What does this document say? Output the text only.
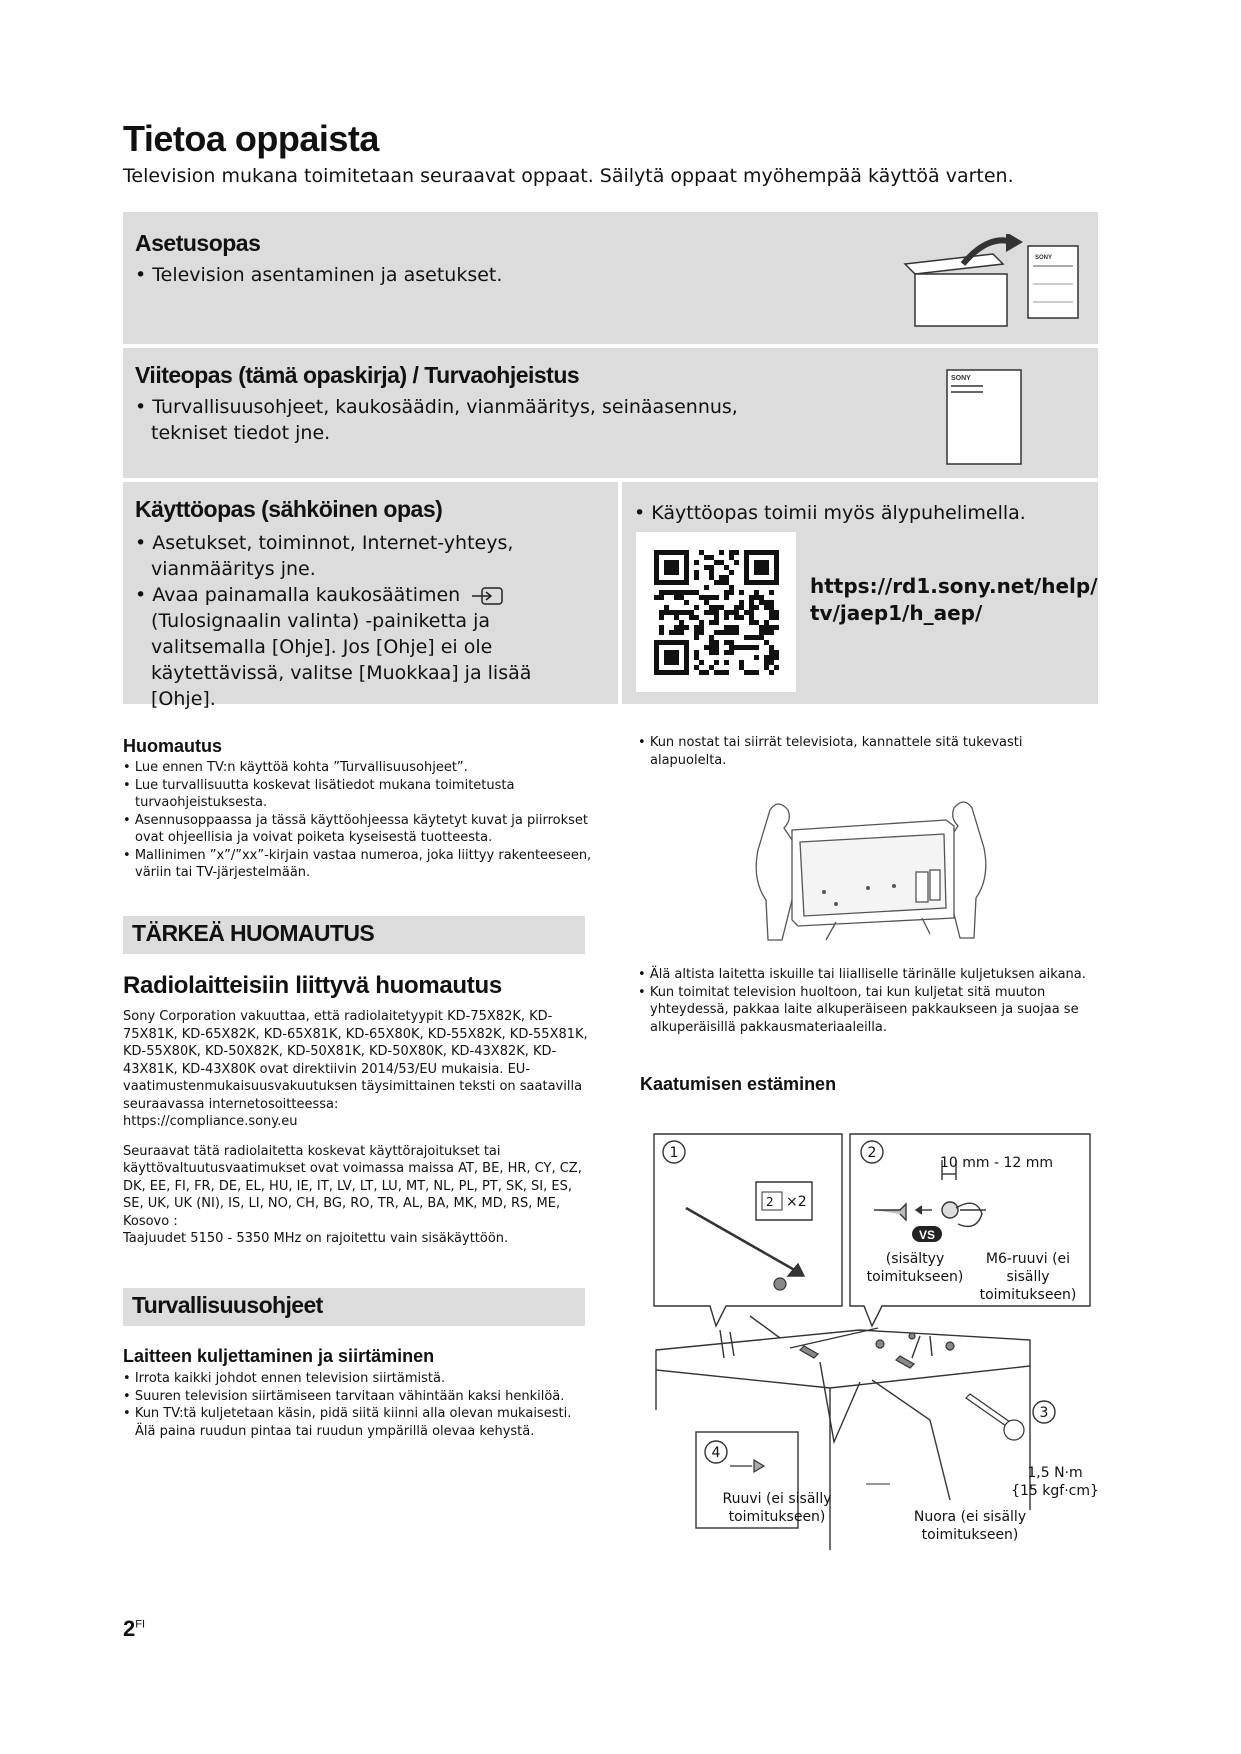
Tietoa oppaista
Television mukana toimitetaan seuraavat oppaat. Säilytä oppaat myöhempää käyttöä varten.
Asetusopas
• Television asentaminen ja asetukset.
SONY
Viiteopas (tämä opaskirja) / Turvaohjeistus
• Turvallisuusohjeet, kaukosäädin, vianmääritys, seinäasennus, tekniset tiedot jne.
SONY
Käyttöopas (sähköinen opas)
• Asetukset, toiminnot, Internet-yhteys, vianmääritys jne.
• Avaa painamalla kaukosäätimen
(Tulosignaalin valinta) -painiketta ja valitsemalla [Ohje]. Jos [Ohje] ei ole käytettävissä, valitse [Muokkaa] ja lisää [Ohje].
• Käyttöopas toimii myös älypuhelimella.
https://rd1.sony.net/help/
tv/jaep1/h_aep/
Huomautus
• Lue ennen TV:n käyttöä kohta ”Turvallisuusohjeet”.
• Lue turvallisuutta koskevat lisätiedot mukana toimitetusta turvaohjeistuksesta.
• Asennusoppaassa ja tässä käyttöohjeessa käytetyt kuvat ja piirrokset ovat ohjeellisia ja voivat poiketa kyseisestä tuotteesta.
• Mallinimen ”x”/”xx”-kirjain vastaa numeroa, joka liittyy rakenteeseen, väriin tai TV-järjestelmään.
TÄRKEÄ HUOMAUTUS
Radiolaitteisiin liittyvä huomautus

Sony Corporation vakuuttaa, että radiolaitetyypit KD-75X82K, KD-75X81K, KD-65X82K, KD-65X81K, KD-65X80K, KD-55X82K, KD-55X81K, KD-55X80K, KD-50X82K, KD-50X81K, KD-50X80K, KD-43X82K, KD-43X81K, KD-43X80K ovat direktiivin 2014/53/EU mukaisia. EU-vaatimustenmukaisuusvakuutuksen täysimittainen teksti on saatavilla seuraavassa internetosoitteessa:

https://compliance.sony.eu

Seuraavat tätä radiolaitetta koskevat käyttörajoitukset tai käyttövaltuutusvaatimukset ovat voimassa maissa AT, BE, HR, CY, CZ, DK, EE, FI, FR, DE, EL, HU, IE, IT, LV, LT, LU, MT, NL, PL, PT, SK, SI, ES, SE, UK, UK (NI), IS, LI, NO, CH, BG, RO, TR, AL, BA, MK, MD, RS, ME, Kosovo :

Taajuudet 5150 - 5350 MHz on rajoitettu vain sisäkäyttöön.

Turvallisuusohjeet
Laitteen kuljettaminen ja siirtäminen
• Irrota kaikki johdot ennen television siirtämistä.
• Suuren television siirtämiseen tarvitaan vähintään kaksi henkilöä.
• Kun TV:tä kuljetetaan käsin, pidä siitä kiinni alla olevan mukaisesti. Älä paina ruudun pintaa tai ruudun ympärillä olevaa kehystä.
• Kun nostat tai siirrät televisiota, kannattele sitä tukevasti alapuolelta.
• Älä altista laitetta iskuille tai liialliselle tärinälle kuljetuksen aikana.
• Kun toimitat television huoltoon, tai kun kuljetat sitä muuton yhteydessä, pakkaa laite alkuperäiseen pakkaukseen ja suojaa se alkuperäisillä pakkausmateriaaleilla.
Kaatumisen estäminen
1	2
3
4
×2
2
VS
10 mm - 12 mm
(sisältyy toimitukseen)
M6-ruuvi (ei sisälly toimitukseen)
1,5 N·m
{15 kgf·cm}
Ruuvi (ei sisälly toimitukseen)	Nuora (ei sisälly toimitukseen)
$2^{FI}$
